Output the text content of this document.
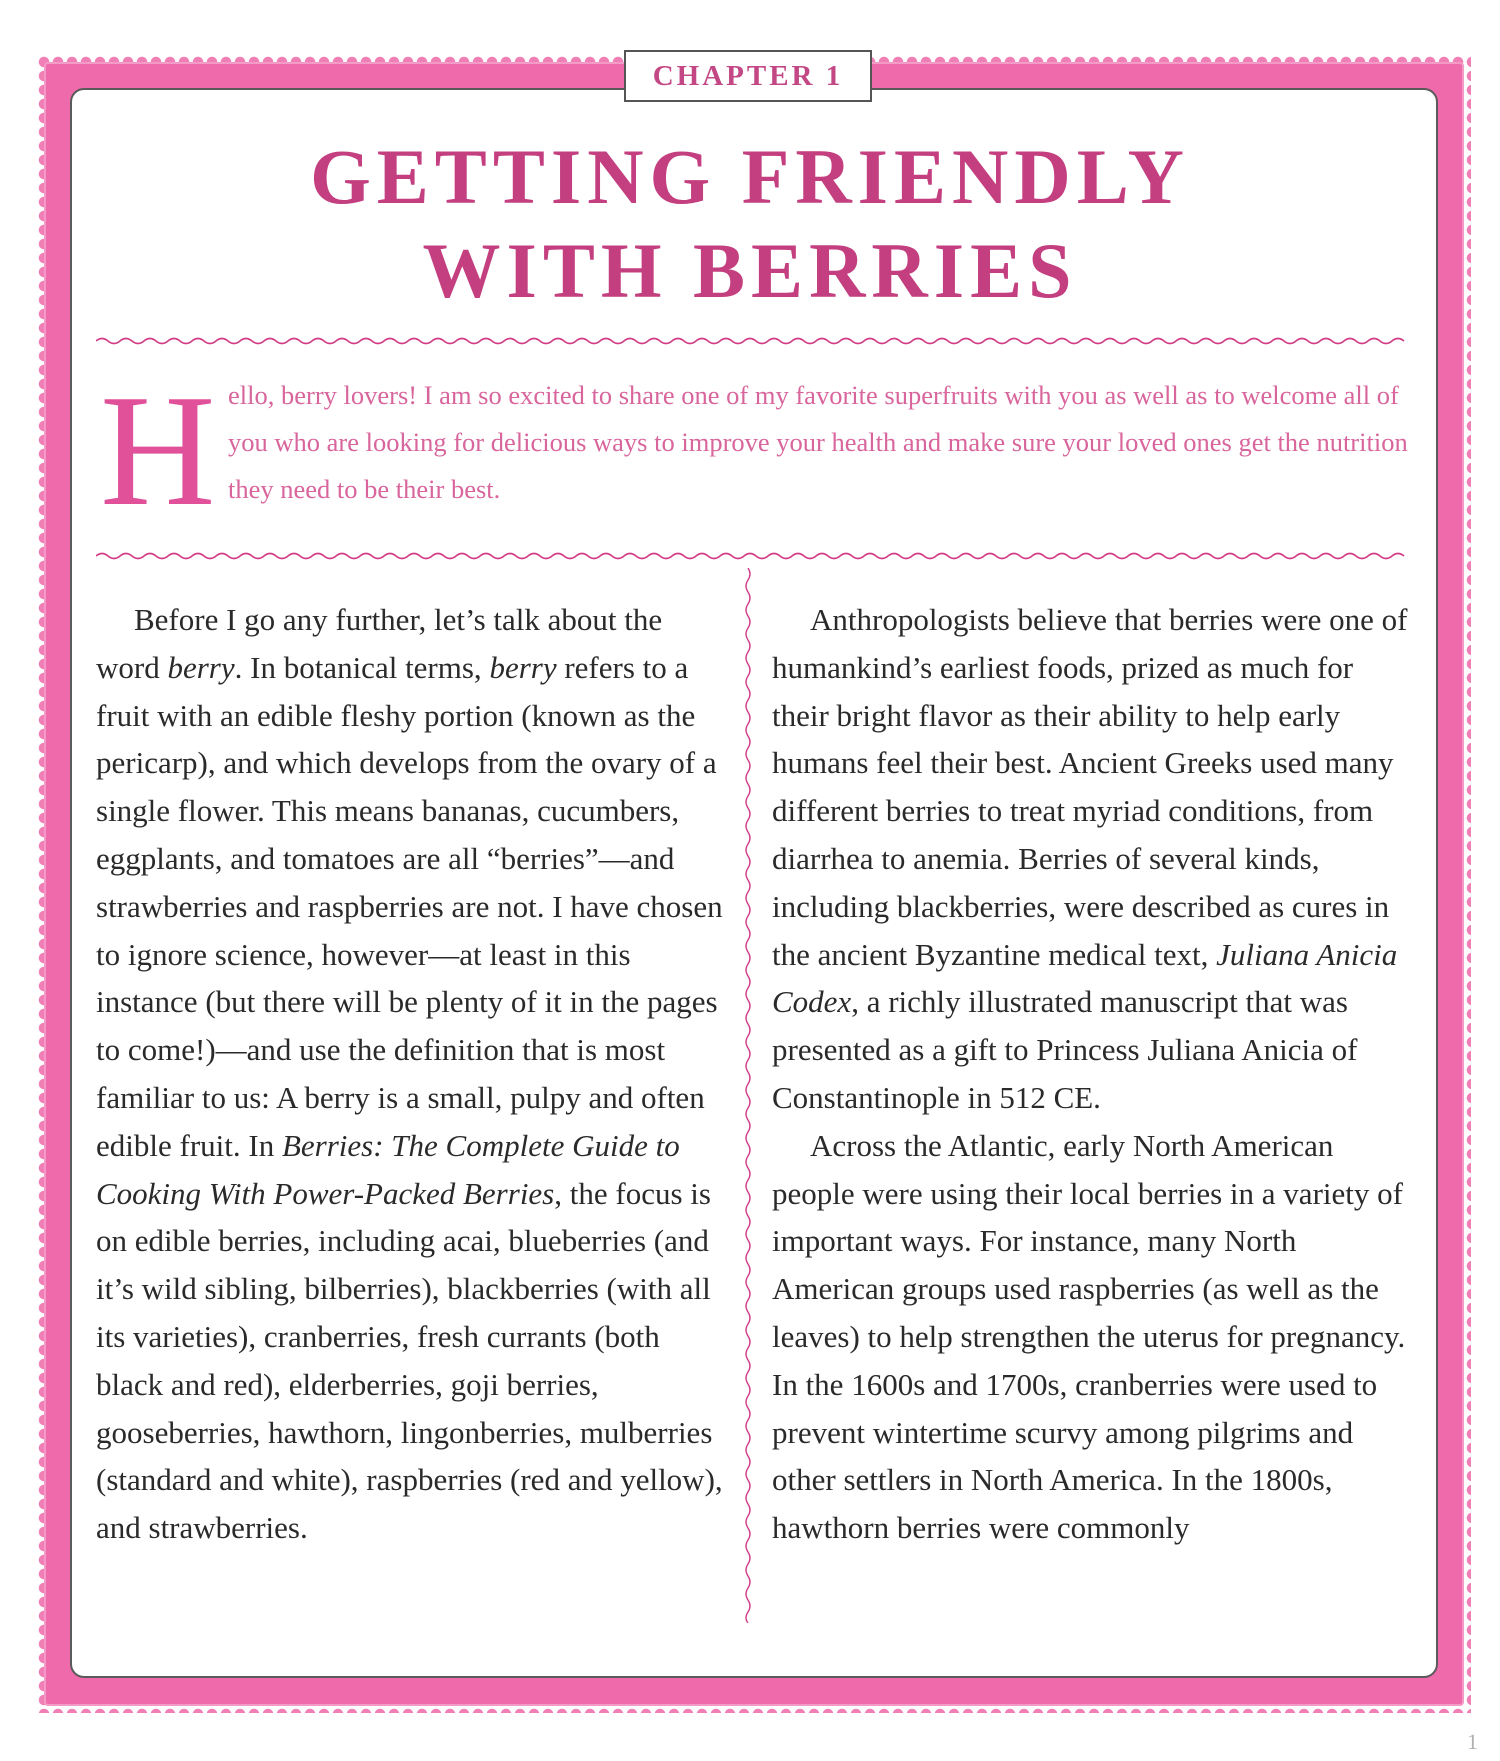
CHAPTER 1
GETTING FRIENDLY
WITH BERRIES
H ello, berry lovers! I am so excited to share one of my favorite superfruits with you as well as to welcome all of you who are looking for delicious ways to improve your health and make sure your loved ones get the nutrition they need to be their best.

Before I go any further, let’s talk about the word berry. In botanical terms, berry refers to a fruit with an edible fleshy portion (known as the pericarp), and which develops from the ovary of a single flower. This means bananas, cucumbers, eggplants, and tomatoes are all “berries”—and strawberries and raspberries are not. I have chosen to ignore science, however—at least in this instance (but there will be plenty of it in the pages to come!)—and use the definition that is most familiar to us: A berry is a small, pulpy and often edible fruit. In Berries: The Complete Guide to Cooking With Power-Packed Berries, the focus is on edible berries, including acai, blueberries (and it’s wild sibling, bilberries), blackberries (with all its varieties), cranberries, fresh currants (both black and red), elderberries, goji berries, gooseberries, hawthorn, lingonberries, mulberries (standard and white), raspberries (red and yellow), and strawberries.

Anthropologists believe that berries were one of humankind’s earliest foods, prized as much for their bright flavor as their ability to help early humans feel their best. Ancient Greeks used many different berries to treat myriad conditions, from diarrhea to anemia. Berries of several kinds, including blackberries, were described as cures in the ancient Byzantine medical text, Juliana Anicia Codex, a richly illustrated manuscript that was presented as a gift to Princess Juliana Anicia of Constantinople in 512 CE.

Across the Atlantic, early North American people were using their local berries in a variety of important ways. For instance, many North American groups used raspberries (as well as the leaves) to help strengthen the uterus for pregnancy. In the 1600s and 1700s, cranberries were used to prevent wintertime scurvy among pilgrims and other settlers in North America. In the 1800s, hawthorn berries were commonly

1
